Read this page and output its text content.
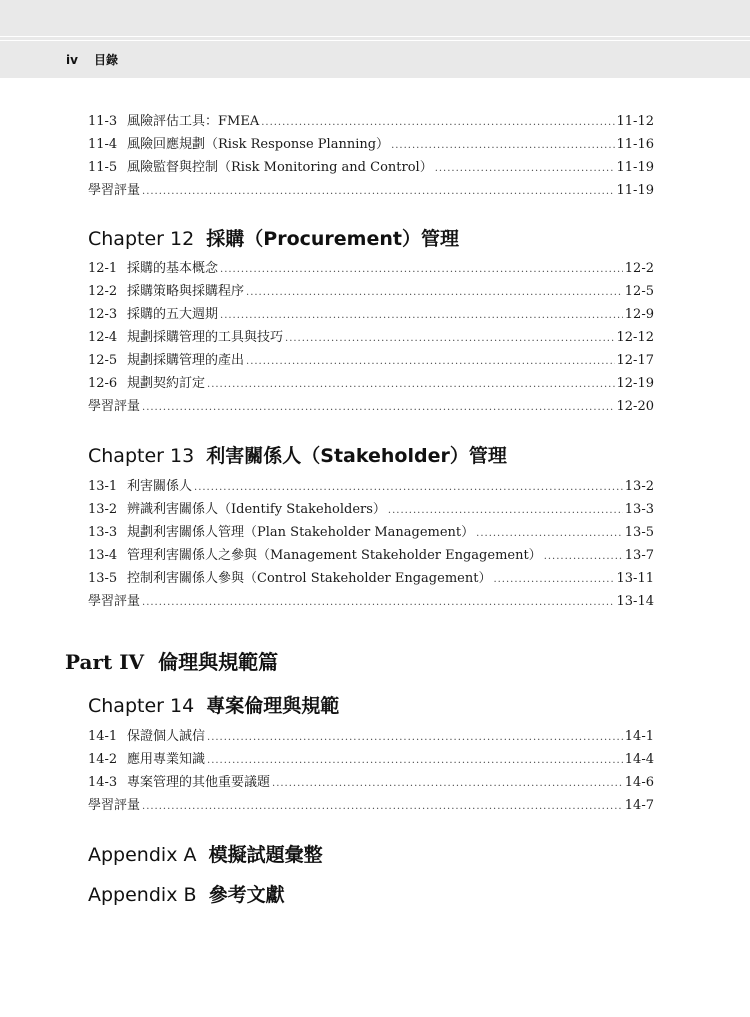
iv 目錄
11-3 風險評估工具：FMEA .....	11-12
11-4 風險回應規劃（Risk Response Planning） .....	11-16
11-5 風險監督與控制（Risk Monitoring and Control） .....	11-19
學習評量 .....	11-19
Chapter 12 採購（Procurement）管理
12-1 採購的基本概念 .....	12-2
12-2 採購策略與採購程序 .....	12-5
12-3 採購的五大週期 .....	12-9
12-4 規劃採購管理的工具與技巧 .....	12-12
12-5 規劃採購管理的產出 .....	12-17
12-6 規劃契約訂定 .....	12-19
學習評量 .....	12-20
Chapter 13 利害關係人（Stakeholder）管理
13-1 利害關係人 .....	13-2
13-2 辨識利害關係人（Identify Stakeholders） .....	13-3
13-3 規劃利害關係人管理（Plan Stakeholder Management） .....	13-5
13-4 管理利害關係人之參與（Management Stakeholder Engagement） .....	13-7
13-5 控制利害關係人參與（Control Stakeholder Engagement） .....	13-11
學習評量 .....	13-14
Part IV 倫理與規範篇
Chapter 14 專案倫理與規範
14-1 保證個人誠信 .....	14-1
14-2 應用專業知識 .....	14-4
14-3 專案管理的其他重要議題 .....	14-6
學習評量 .....	14-7
Appendix A 模擬試題彙整
Appendix B 參考文獻
